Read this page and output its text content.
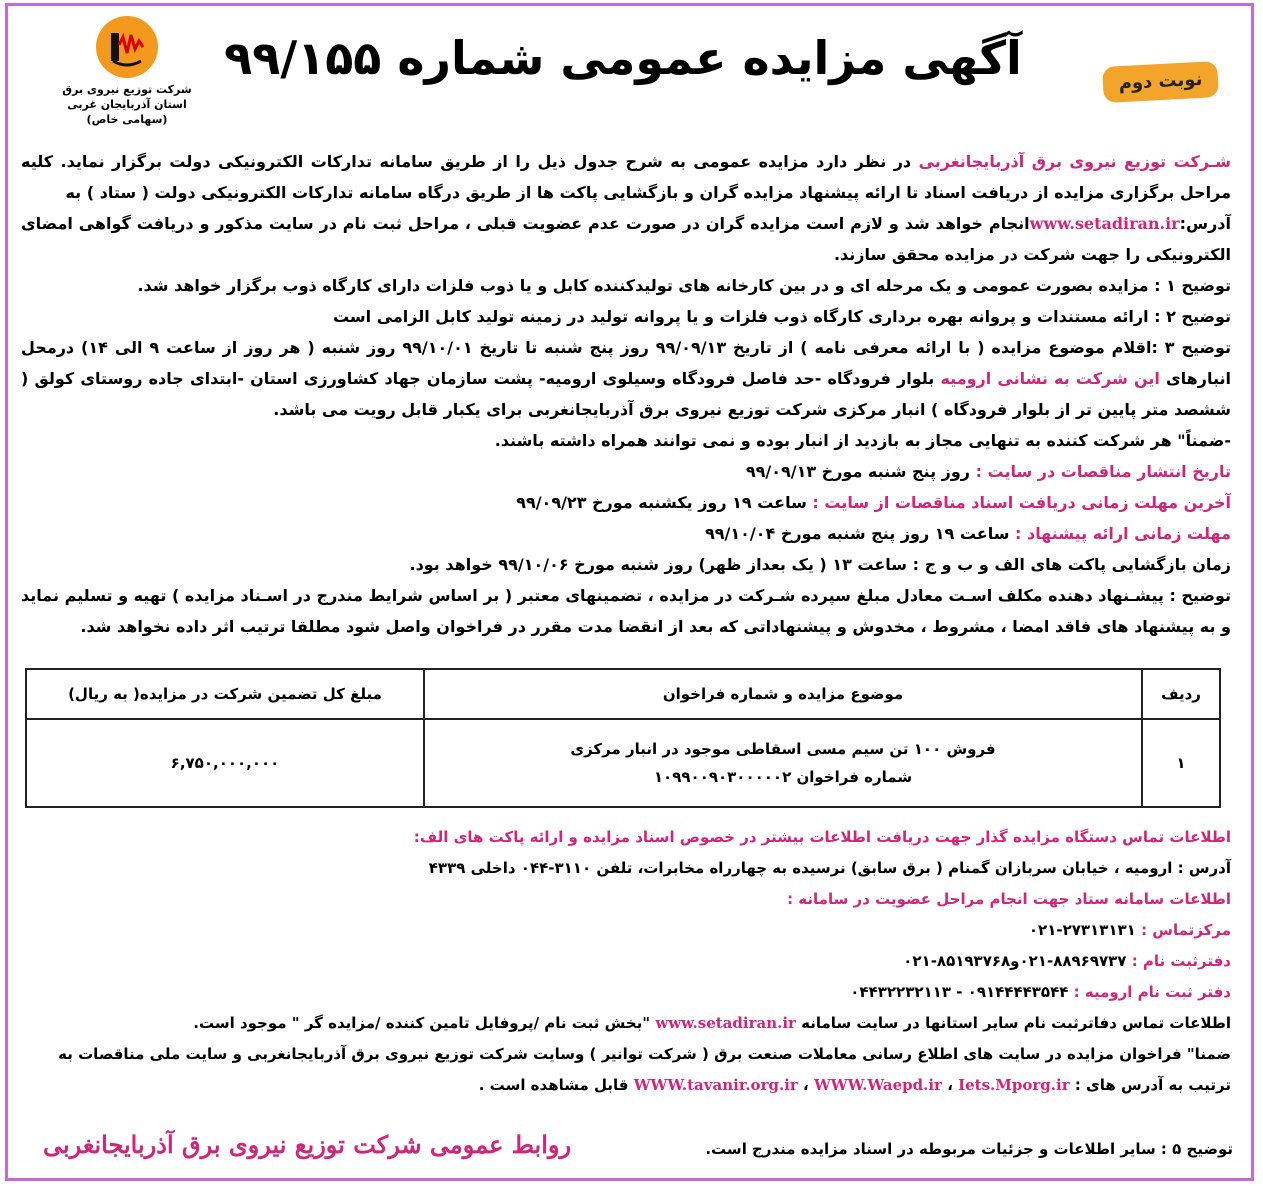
شرکت توزیع نیروی برق
استان آذربایجان غربی
(سهامی خاص)
آگهی مزایده عمومی شماره ۹۹/۱۵۵	نوبت دوم
شـرکت توزیع نیروی برق آذربایجانغربی در نظر دارد مزایده عمومی به شرح جدول ذیل را از طریق سامانه تدارکات الکترونیکی دولت برگزار نماید. کلیه مراحل برگزاری مزایده از دریافت اسناد تا ارائه پیشنهاد مزایده گران و بازگشایی پاکت ها از طریق درگاه سامانه تدارکات الکترونیکی دولت ( ستاد ) به
آدرس:www.setadiran.irانجام خواهد شد و لازم است مزایده گران در صورت عدم عضویت قبلی ، مراحل ثبت نام در سایت مذکور و دریافت گواهی امضای الکترونیکی را جهت شرکت در مزایده محقق سازند.
توضیح ۱ : مزایده بصورت عمومی و یک مرحله ای و در بین کارخانه های تولیدکننده کابل و یا ذوب فلزات دارای کارگاه ذوب برگزار خواهد شد.
توضیح ۲ : ارائه مستندات و پروانه بهره برداری کارگاه ذوب فلزات و یا پروانه تولید در زمینه تولید کابل الزامی است
توضیح ۳ :اقلام موضوع مزایده ( با ارائه معرفی نامه ) از تاریخ ۹۹/۰۹/۱۳ روز پنج شنبه تا تاریخ ۹۹/۱۰/۰۱ روز شنبه ( هر روز از ساعت ۹ الی ۱۴) درمحل انبارهای این شرکت به نشانی ارومیه بلوار فرودگاه -حد فاصل فرودگاه وسیلوی ارومیه- پشت سازمان جهاد کشاورزی استان -ابتدای جاده روستای کولق ( ششصد متر پایین تر از بلوار فرودگاه ) انبار مرکزی شرکت توزیع نیروی برق آذربایجانغربی برای یکبار قابل رویت می باشد.
-ضمناً" هر شرکت کننده به تنهایی مجاز به بازدید از انبار بوده و نمی توانند همراه داشته باشند.
تاریخ انتشار مناقصات در سایت : روز پنج شنبه مورخ ۹۹/۰۹/۱۳
آخرین مهلت زمانی دریافت اسناد مناقصات از سایت : ساعت ۱۹ روز یکشنبه مورخ ۹۹/۰۹/۲۳
مهلت زمانی ارائه پیشنهاد : ساعت ۱۹ روز پنج شنبه مورخ ۹۹/۱۰/۰۴
زمان بازگشایی پاکت های الف و ب و ج : ساعت ۱۳ ( یک بعداز ظهر) روز شنبه مورخ ۹۹/۱۰/۰۶ خواهد بود.
توضیح : پیشـنهاد دهنده مکلف اسـت معادل مبلغ سپرده شـرکت در مزایده ، تضمینهای معتبر ( بر اساس شرایط مندرج در اسـناد مزایده ) تهیه و تسلیم نماید و به پیشنهاد های فاقد امضا ، مشروط ، مخدوش و پیشنهاداتی که بعد از انقضا مدت مقرر در فراخوان واصل شود مطلقا ترتیب اثر داده نخواهد شد.
ردیف	موضوع مزایده و شماره فراخوان	مبلغ کل تضمین شرکت در مزایده( به ریال)
۱	فروش ۱۰۰ تن سیم مسی اسقاطی موجود در انبار مرکزی
شماره فراخوان ۱۰۹۹۰۰۹۰۳۰۰۰۰۰۲	۶,۷۵۰,۰۰۰,۰۰۰
اطلاعات تماس دستگاه مزایده گذار جهت دریافت اطلاعات بیشتر در خصوص اسناد مزایده و ارائه پاکت های الف:
آدرس : ارومیه ، خیابان سربازان گمنام ( برق سابق) نرسیده به چهارراه مخابرات، تلفن ۳۱۱۰-۰۴۴ داخلی ۴۳۳۹
اطلاعات سامانه ستاد جهت انجام مراحل عضویت در سامانه :
مرکزتماس : ۲۷۳۱۳۱۳۱-۰۲۱
دفترثبت نام : ۸۸۹۶۹۷۳۷-۰۲۱و۸۵۱۹۳۷۶۸-۰۲۱
دفتر ثبت نام ارومیه : ۰۹۱۴۴۴۴۳۵۴۴ - ۰۴۴۳۲۲۳۲۱۱۳
اطلاعات تماس دفاترثبت نام سایر استانها در سایت سامانه www.setadiran.ir "بخش ثبت نام /پروفایل تامین کننده /مزایده گر " موجود است.
ضمنا" فراخوان مزایده در سایت های اطلاع رسانی معاملات صنعت برق ( شرکت توانیر ) وسایت شرکت توزیع نیروی برق آذربایجانغربی و سایت ملی مناقصات به ترتیب به آدرس های : WWW.tavanir.org.ir ، WWW.Waepd.ir ، Iets.Mporg.ir قابل مشاهده است .
توضیح ۵ : سایر اطلاعات و جزئیات مربوطه در اسناد مزایده مندرج است.
روابط عمومی شرکت توزیع نیروی برق آذربایجانغربی
